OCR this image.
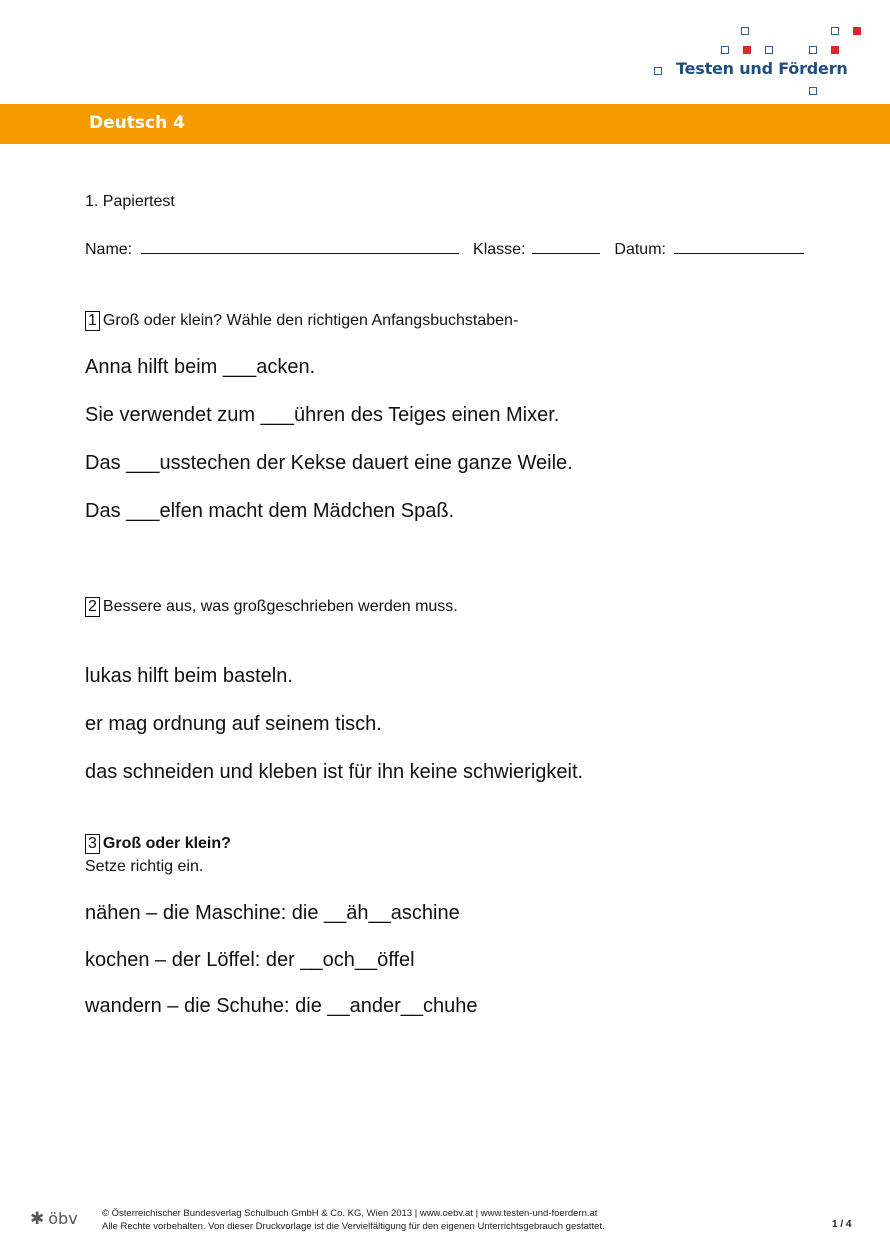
Testen und Fördern
Deutsch 4
1. Papiertest
Name:	Klasse:	Datum:
1 Groß oder klein? Wähle den richtigen Anfangsbuchstaben-
Anna hilft beim ___acken.
Sie verwendet zum ___ühren des Teiges einen Mixer.
Das ___usstechen der Kekse dauert eine ganze Weile.
Das ___elfen macht dem Mädchen Spaß.
2 Bessere aus, was großgeschrieben werden muss.
lukas hilft beim basteln.
er mag ordnung auf seinem tisch.
das schneiden und kleben ist für ihn keine schwierigkeit.
3 Groß oder klein?
Setze richtig ein.
nähen – die Maschine: die __äh__aschine
kochen – der Löffel: der __och__öffel
wandern – die Schuhe: die __ander__chuhe
✱ öbv	© Österreichischer Bundesverlag Schulbuch GmbH & Co. KG, Wien 2013 | www.oebv.at | www.testen-und-foerdern.at
Alle Rechte vorbehalten. Von dieser Druckvorlage ist die Vervielfältigung für den eigenen Unterrichtsgebrauch gestattet.	1 / 4
